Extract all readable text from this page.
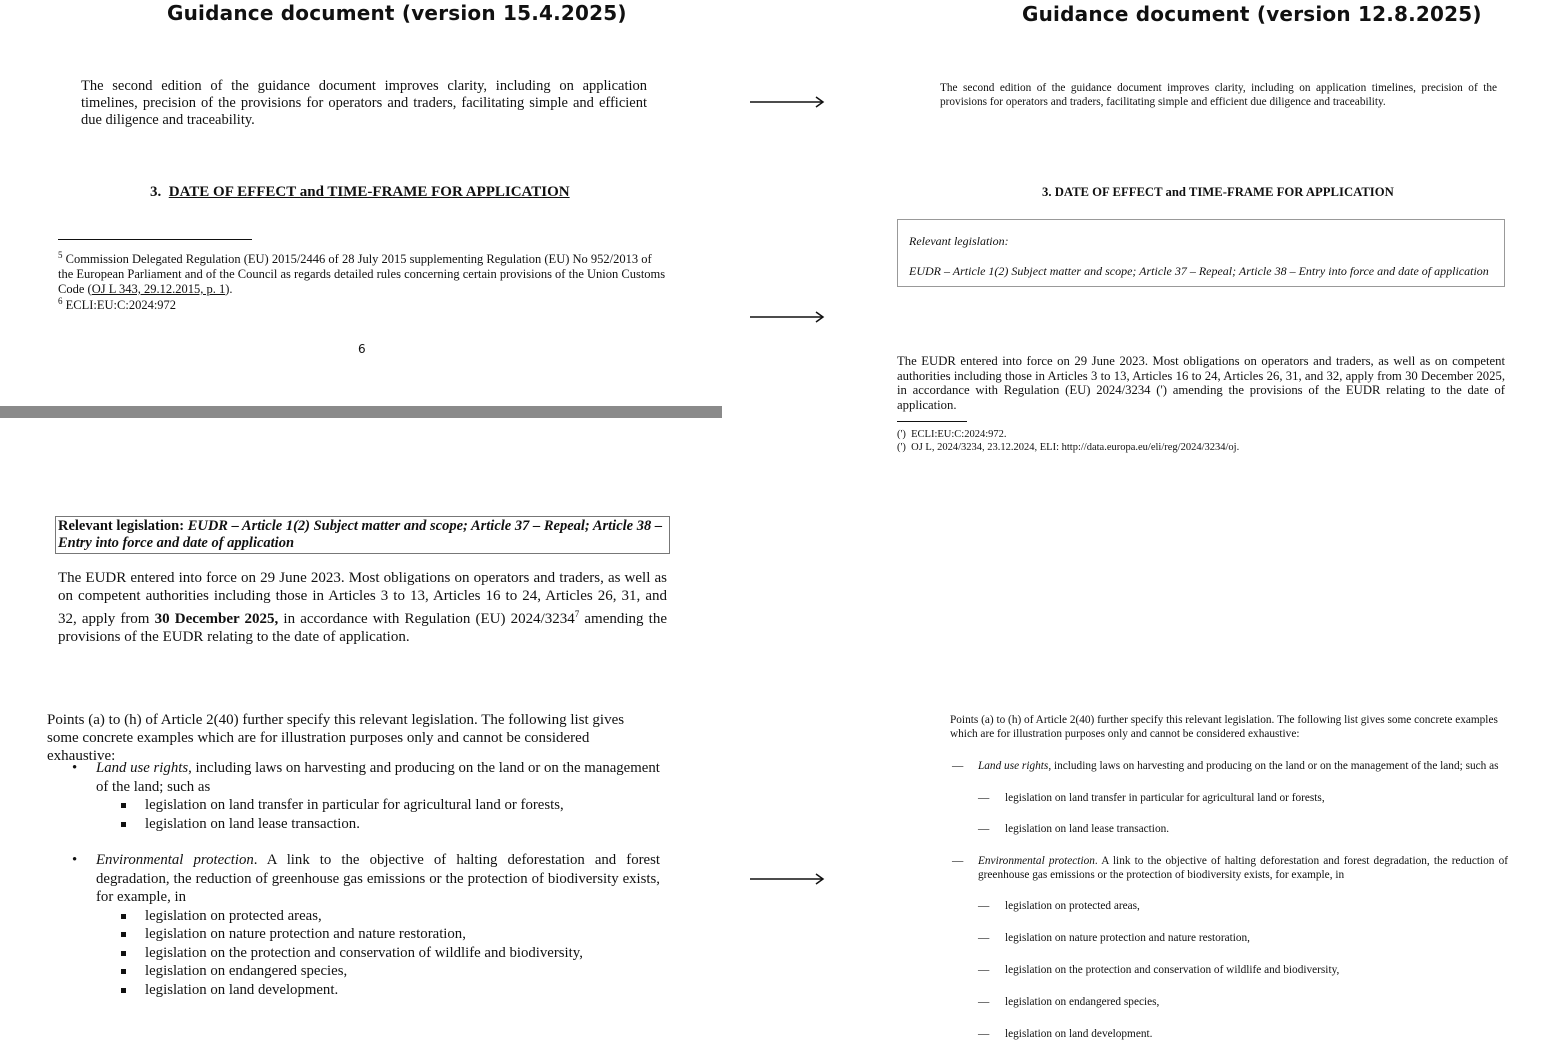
Guidance document (version 15.4.2025)
The second edition of the guidance document improves clarity, including on application timelines, precision of the provisions for operators and traders, facilitating simple and efficient due diligence and traceability.
3. DATE OF EFFECT and TIME-FRAME FOR APPLICATION
$^5$ Commission Delegated Regulation (EU) 2015/2446 of 28 July 2015 supplementing Regulation (EU) No 952/2013 of the European Parliament and of the Council as regards detailed rules concerning certain provisions of the Union Customs Code (OJ L 343, 29.12.2015, p. 1).
$^6$ ECLI:EU:C:2024:972
6
Relevant legislation: EUDR – Article 1(2) Subject matter and scope; Article 37 – Repeal; Article 38 – Entry into force and date of application
The EUDR entered into force on 29 June 2023. Most obligations on operators and traders, as well as on competent authorities including those in Articles 3 to 13, Articles 16 to 24, Articles 26, 31, and 32, apply from 30 December 2025, in accordance with Regulation (EU) 2024/3234$^7$ amending the provisions of the EUDR relating to the date of application.
Points (a) to (h) of Article 2(40) further specify this relevant legislation. The following list gives some concrete examples which are for illustration purposes only and cannot be considered exhaustive:
• Land use rights, including laws on harvesting and producing on the land or on the management of the land; such as
legislation on land transfer in particular for agricultural land or forests,
legislation on land lease transaction.
• Environmental protection. A link to the objective of halting deforestation and forest degradation, the reduction of greenhouse gas emissions or the protection of biodiversity exists, for example, in
legislation on protected areas,
legislation on nature protection and nature restoration,
legislation on the protection and conservation of wildlife and biodiversity,
legislation on endangered species,
legislation on land development.
Guidance document (version 12.8.2025)
The second edition of the guidance document improves clarity, including on application timelines, precision of the provisions for operators and traders, facilitating simple and efficient due diligence and traceability.
3. DATE OF EFFECT and TIME-FRAME FOR APPLICATION
Relevant legislation:
EUDR – Article 1(2) Subject matter and scope; Article 37 – Repeal; Article 38 – Entry into force and date of application
The EUDR entered into force on 29 June 2023. Most obligations on operators and traders, as well as on competent authorities including those in Articles 3 to 13, Articles 16 to 24, Articles 26, 31, and 32, apply from 30 December 2025, in accordance with Regulation (EU) 2024/3234 (') amending the provisions of the EUDR relating to the date of application.
(') ECLI:EU:C:2024:972.
(') OJ L, 2024/3234, 23.12.2024, ELI: http://data.europa.eu/eli/reg/2024/3234/oj.
Points (a) to (h) of Article 2(40) further specify this relevant legislation. The following list gives some concrete examples which are for illustration purposes only and cannot be considered exhaustive:
— Land use rights, including laws on harvesting and producing on the land or on the management of the land; such as
— legislation on land transfer in particular for agricultural land or forests,
— legislation on land lease transaction.
— Environmental protection. A link to the objective of halting deforestation and forest degradation, the reduction of greenhouse gas emissions or the protection of biodiversity exists, for example, in
— legislation on protected areas,
— legislation on nature protection and nature restoration,
— legislation on the protection and conservation of wildlife and biodiversity,
— legislation on endangered species,
— legislation on land development.
